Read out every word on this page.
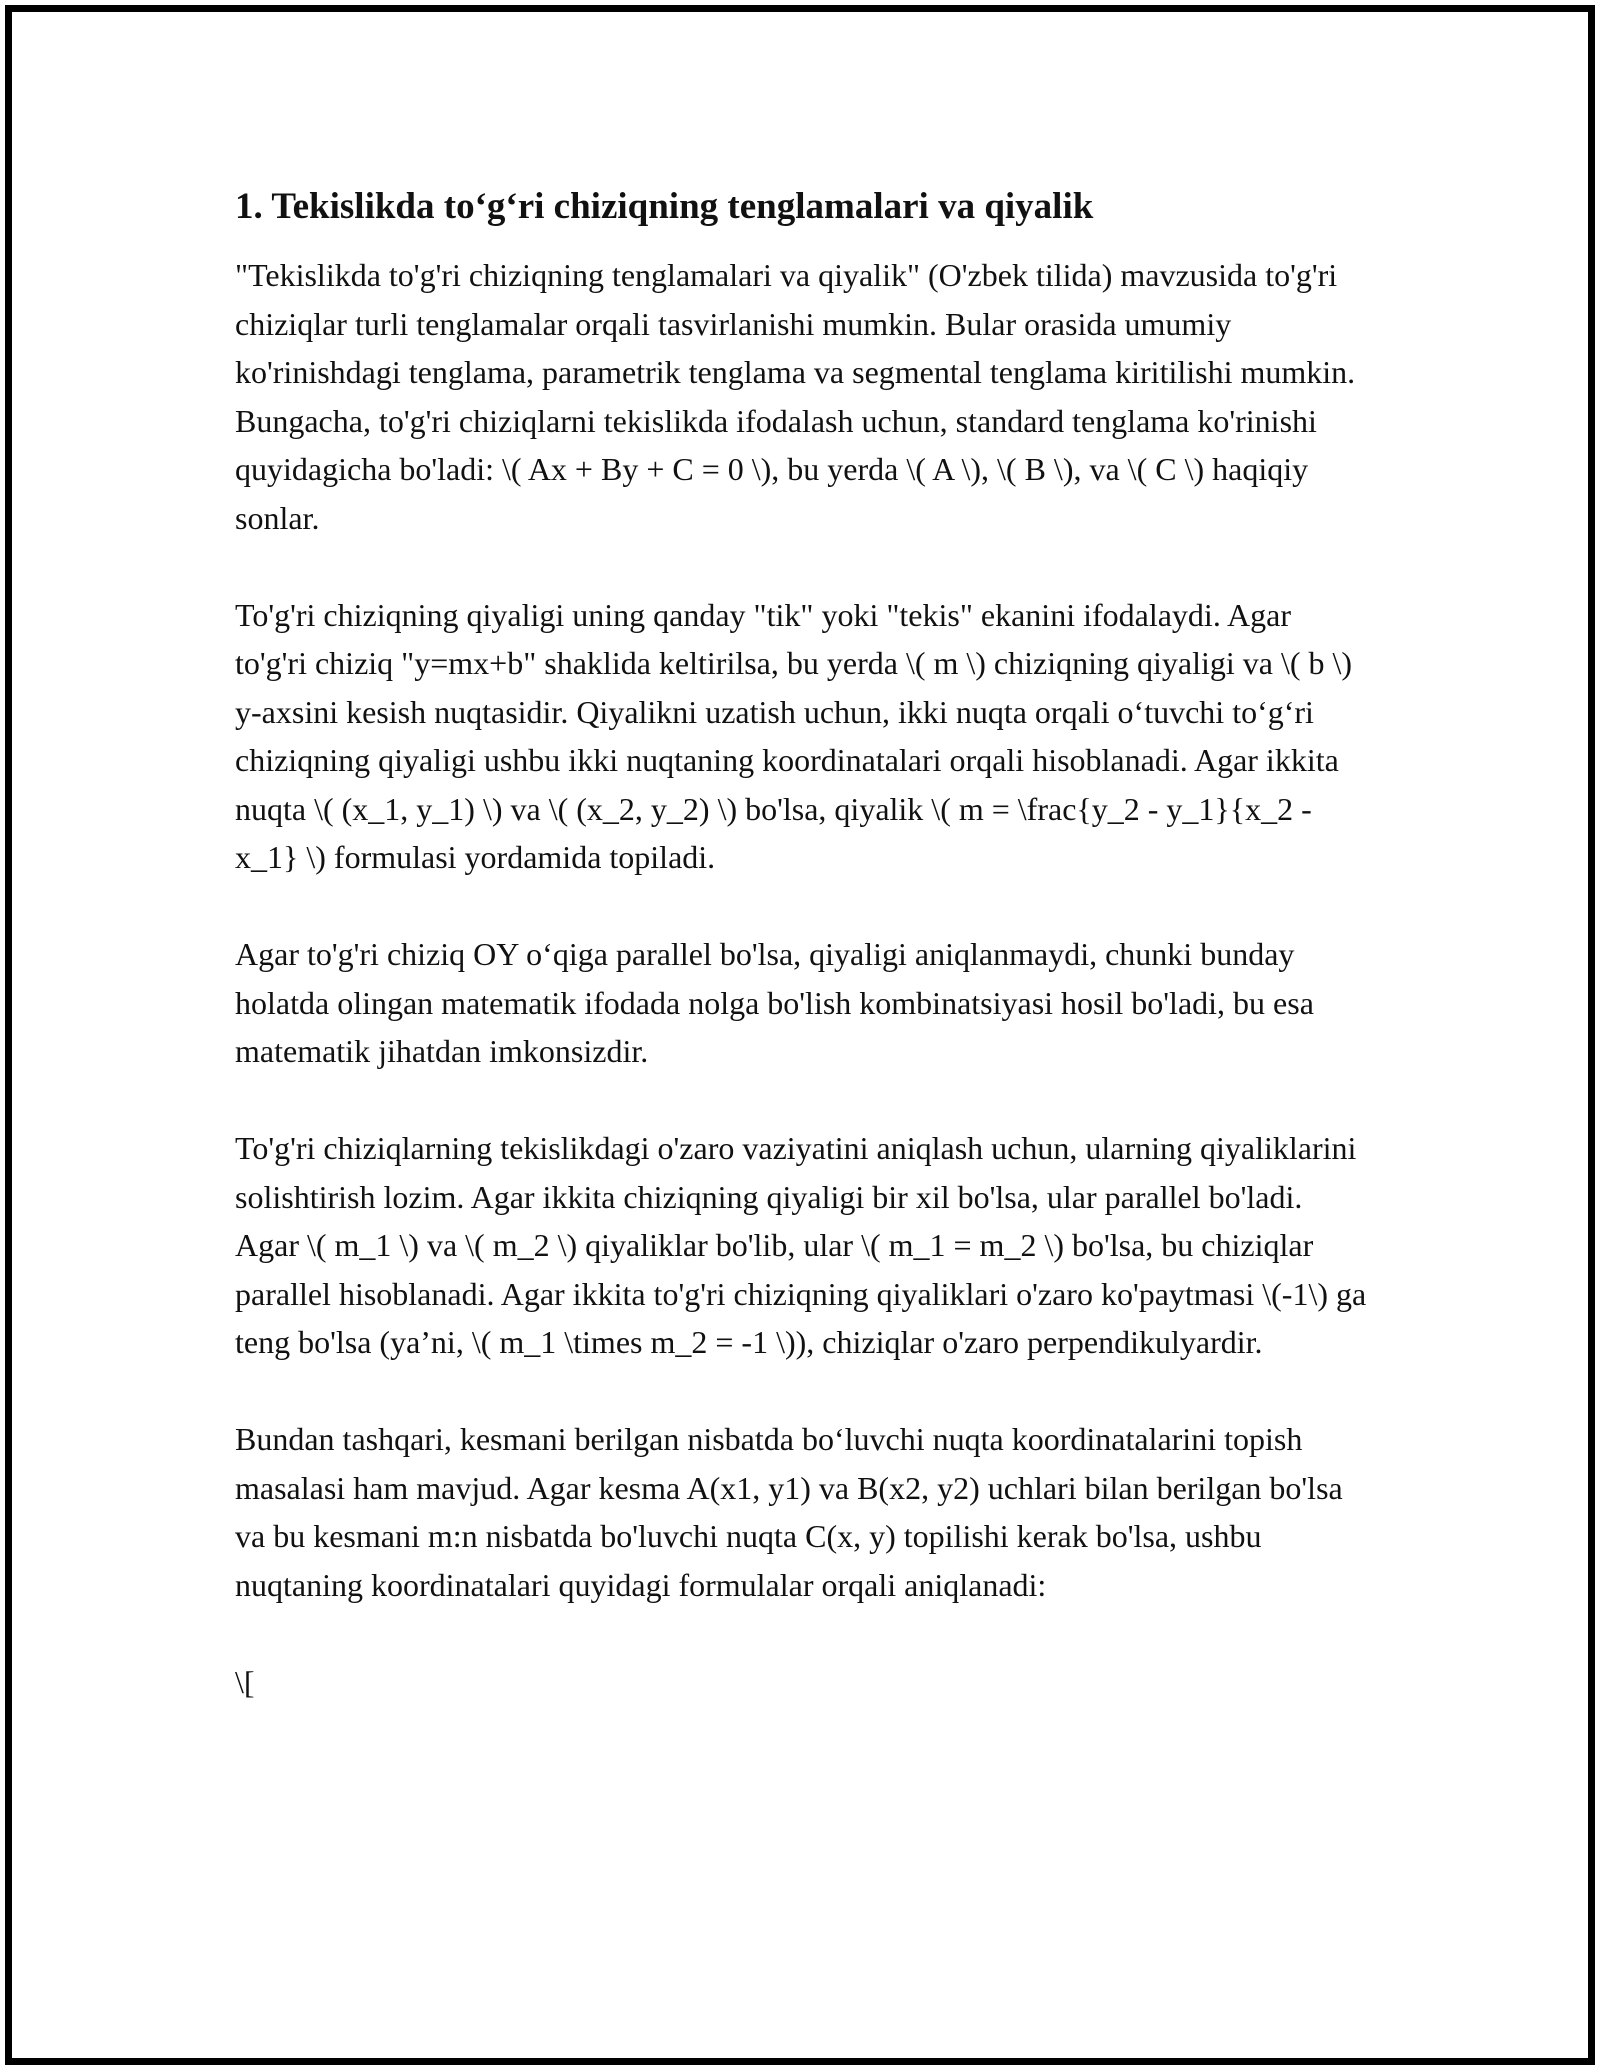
1. Tekislikda to‘g‘ri chiziqning tenglamalari va qiyalik

"Tekislikda to'g'ri chiziqning tenglamalari va qiyalik" (O'zbek tilida) mavzusida to'g'ri chiziqlar turli tenglamalar orqali tasvirlanishi mumkin. Bular orasida umumiy ko'rinishdagi tenglama, parametrik tenglama va segmental tenglama kiritilishi mumkin. Bungacha, to'g'ri chiziqlarni tekislikda ifodalash uchun, standard tenglama ko'rinishi quyidagicha bo'ladi: \( Ax + By + C = 0 \), bu yerda \( A \), \( B \), va \( C \) haqiqiy sonlar.

To'g'ri chiziqning qiyaligi uning qanday "tik" yoki "tekis" ekanini ifodalaydi. Agar to'g'ri chiziq "y=mx+b" shaklida keltirilsa, bu yerda \( m \) chiziqning qiyaligi va \( b \) y-axsini kesish nuqtasidir. Qiyalikni uzatish uchun, ikki nuqta orqali o‘tuvchi to‘g‘ri chiziqning qiyaligi ushbu ikki nuqtaning koordinatalari orqali hisoblanadi. Agar ikkita nuqta \( (x_1, y_1) \) va \( (x_2, y_2) \) bo'lsa, qiyalik \( m = \frac{y_2 - y_1}{x_2 - x_1} \) formulasi yordamida topiladi.

Agar to'g'ri chiziq OY o‘qiga parallel bo'lsa, qiyaligi aniqlanmaydi, chunki bunday holatda olingan matematik ifodada nolga bo'lish kombinatsiyasi hosil bo'ladi, bu esa matematik jihatdan imkonsizdir.

To'g'ri chiziqlarning tekislikdagi o'zaro vaziyatini aniqlash uchun, ularning qiyaliklarini solishtirish lozim. Agar ikkita chiziqning qiyaligi bir xil bo'lsa, ular parallel bo'ladi. Agar \( m_1 \) va \( m_2 \) qiyaliklar bo'lib, ular \( m_1 = m_2 \) bo'lsa, bu chiziqlar parallel hisoblanadi. Agar ikkita to'g'ri chiziqning qiyaliklari o'zaro ko'paytmasi \(-1\) ga teng bo'lsa (ya’ni, \( m_1 \times m_2 = -1 \)), chiziqlar o'zaro perpendikulyardir.

Bundan tashqari, kesmani berilgan nisbatda bo‘luvchi nuqta koordinatalarini topish masalasi ham mavjud. Agar kesma A(x1, y1) va B(x2, y2) uchlari bilan berilgan bo'lsa va bu kesmani m:n nisbatda bo'luvchi nuqta C(x, y) topilishi kerak bo'lsa, ushbu nuqtaning koordinatalari quyidagi formulalar orqali aniqlanadi:

\[
